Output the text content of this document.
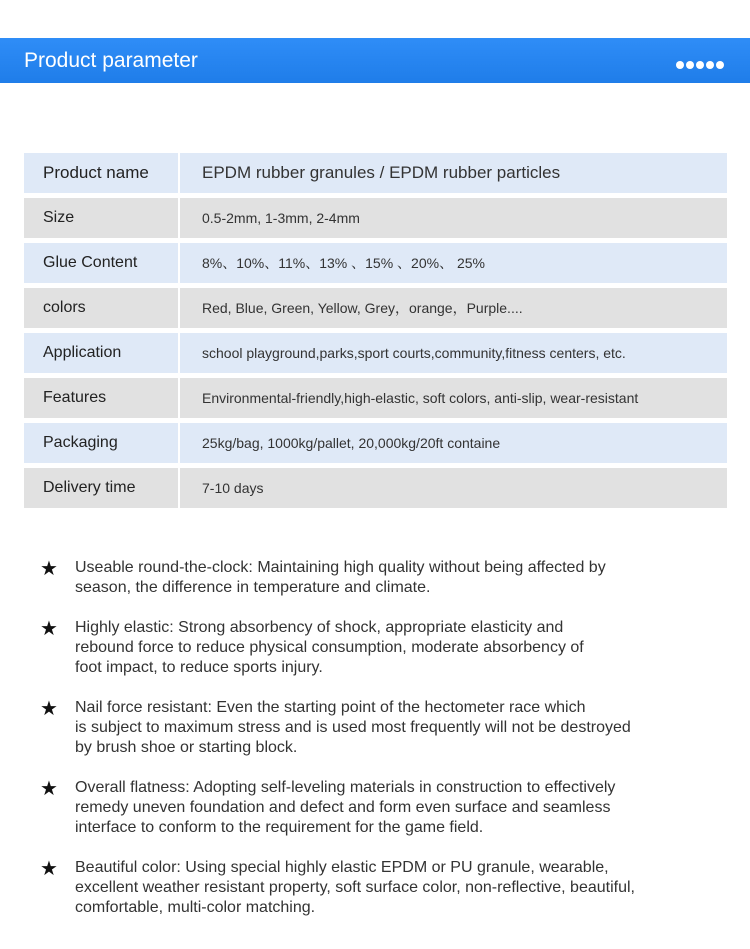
Product parameter
Product name	EPDM rubber granules / EPDM rubber particles
Size	0.5-2mm, 1-3mm, 2-4mm
Glue Content	8%、10%、11%、13% 、15% 、20%、 25%
colors	Red, Blue, Green, Yellow, Grey，orange，Purple....
Application	school playground,parks,sport courts,community,fitness centers, etc.
Features	Environmental-friendly,high-elastic, soft colors, anti-slip, wear-resistant
Packaging	25kg/bag, 1000kg/pallet, 20,000kg/20ft containe
Delivery time	7-10 days
★	Useable round-the-clock: Maintaining high quality without being affected by
season, the difference in temperature and climate.
★	Highly elastic: Strong absorbency of shock, appropriate elasticity and
rebound force to reduce physical consumption, moderate absorbency of
foot impact, to reduce sports injury.
★	Nail force resistant: Even the starting point of the hectometer race which
is subject to maximum stress and is used most frequently will not be destroyed
by brush shoe or starting block.
★	Overall flatness: Adopting self-leveling materials in construction to effectively
remedy uneven foundation and defect and form even surface and seamless
interface to conform to the requirement for the game field.
★	Beautiful color: Using special highly elastic EPDM or PU granule, wearable,
excellent weather resistant property, soft surface color, non-reflective, beautiful,
comfortable, multi-color matching.
